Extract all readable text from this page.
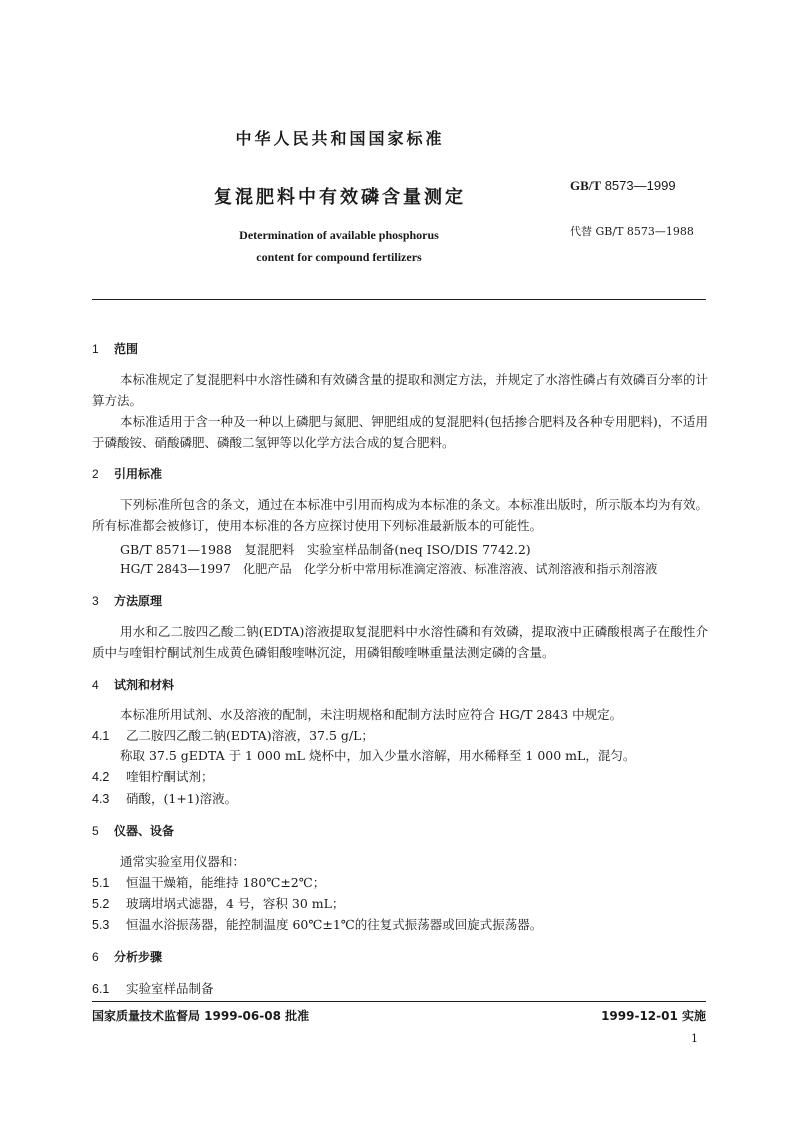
中华人民共和国国家标准
复混肥料中有效磷含量测定
GB/T 8573—1999
Determination of available phosphorus
content for compound fertilizers
代替 GB/T 8573—1988
1 范围
本标准规定了复混肥料中水溶性磷和有效磷含量的提取和测定方法，并规定了水溶性磷占有效磷百分率的计算方法。
本标准适用于含一种及一种以上磷肥与氮肥、钾肥组成的复混肥料(包括掺合肥料及各种专用肥料)，不适用于磷酸铵、硝酸磷肥、磷酸二氢钾等以化学方法合成的复合肥料。
2 引用标准
下列标准所包含的条文，通过在本标准中引用而构成为本标准的条文。本标准出版时，所示版本均为有效。所有标准都会被修订，使用本标准的各方应探讨使用下列标准最新版本的可能性。
GB/T 8571—1988　复混肥料　实验室样品制备(neq ISO/DIS 7742.2)
HG/T 2843—1997　化肥产品　化学分析中常用标准滴定溶液、标准溶液、试剂溶液和指示剂溶液
3 方法原理
用水和乙二胺四乙酸二钠(EDTA)溶液提取复混肥料中水溶性磷和有效磷，提取液中正磷酸根离子在酸性介质中与喹钼柠酮试剂生成黄色磷钼酸喹啉沉淀，用磷钼酸喹啉重量法测定磷的含量。
4 试剂和材料
本标准所用试剂、水及溶液的配制，未注明规格和配制方法时应符合 HG/T 2843 中规定。
4.1 乙二胺四乙酸二钠(EDTA)溶液，37.5 g/L；
称取 37.5 gEDTA 于 1 000 mL 烧杯中，加入少量水溶解，用水稀释至 1 000 mL，混匀。
4.2 喹钼柠酮试剂；
4.3 硝酸，(1+1)溶液。
5 仪器、设备
通常实验室用仪器和：
5.1 恒温干燥箱，能维持 180℃±2℃；
5.2 玻璃坩埚式滤器，4 号，容积 30 mL；
5.3 恒温水浴振荡器，能控制温度 60℃±1℃的往复式振荡器或回旋式振荡器。
6 分析步骤
6.1 实验室样品制备
国家质量技术监督局 1999-06-08 批准	1999-12-01 实施
1
